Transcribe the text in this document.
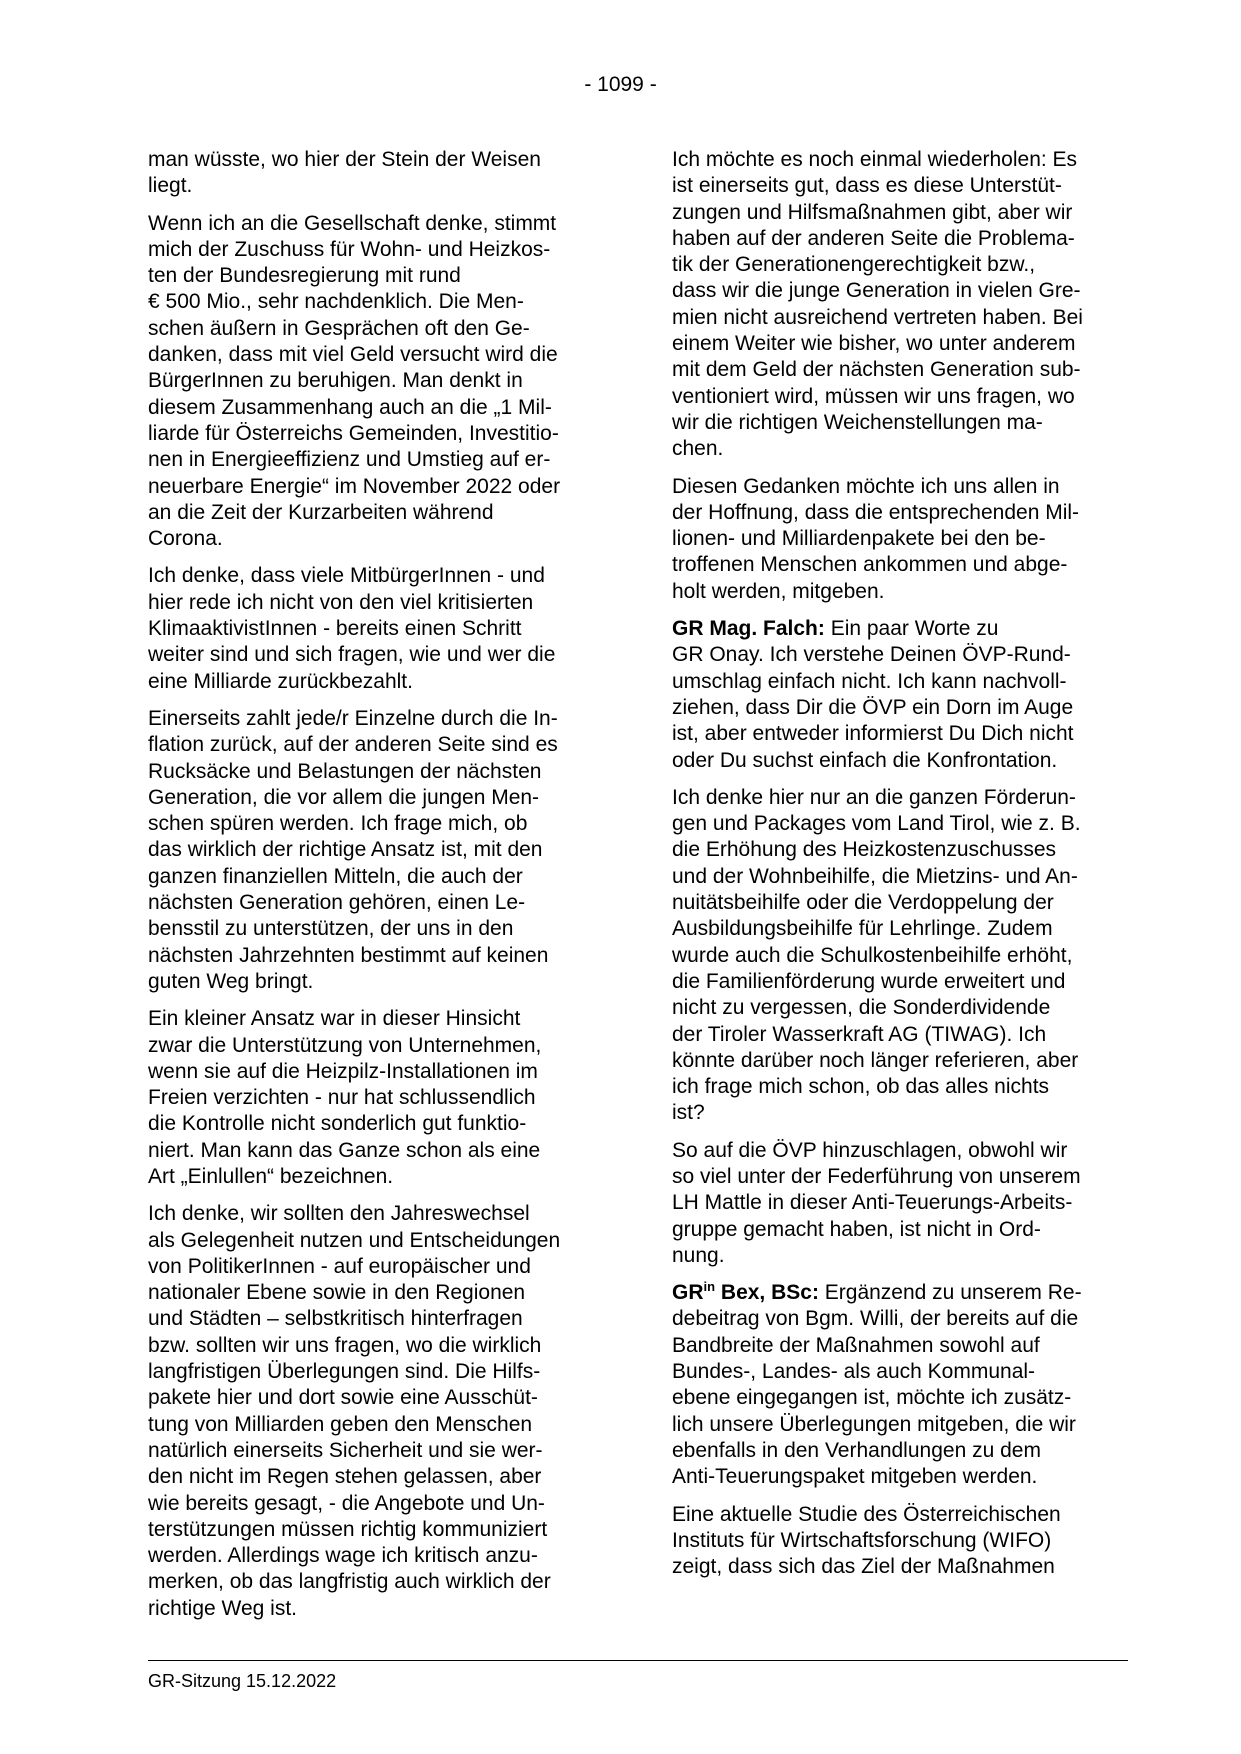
- 1099 -

man wüsste, wo hier der Stein der Weisen
liegt.

Wenn ich an die Gesellschaft denke, stimmt
mich der Zuschuss für Wohn- und Heizkos-
ten der Bundesregierung mit rund
€ 500 Mio., sehr nachdenklich. Die Men-
schen äußern in Gesprächen oft den Ge-
danken, dass mit viel Geld versucht wird die
BürgerInnen zu beruhigen. Man denkt in
diesem Zusammenhang auch an die „1 Mil-
liarde für Österreichs Gemeinden, Investitio-
nen in Energieeffizienz und Umstieg auf er-
neuerbare Energie“ im November 2022 oder
an die Zeit der Kurzarbeiten während
Corona.

Ich denke, dass viele MitbürgerInnen - und
hier rede ich nicht von den viel kritisierten
KlimaaktivistInnen - bereits einen Schritt
weiter sind und sich fragen, wie und wer die
eine Milliarde zurückbezahlt.

Einerseits zahlt jede/r Einzelne durch die In-
flation zurück, auf der anderen Seite sind es
Rucksäcke und Belastungen der nächsten
Generation, die vor allem die jungen Men-
schen spüren werden. Ich frage mich, ob
das wirklich der richtige Ansatz ist, mit den
ganzen finanziellen Mitteln, die auch der
nächsten Generation gehören, einen Le-
bensstil zu unterstützen, der uns in den
nächsten Jahrzehnten bestimmt auf keinen
guten Weg bringt.

Ein kleiner Ansatz war in dieser Hinsicht
zwar die Unterstützung von Unternehmen,
wenn sie auf die Heizpilz-Installationen im
Freien verzichten - nur hat schlussendlich
die Kontrolle nicht sonderlich gut funktio-
niert. Man kann das Ganze schon als eine
Art „Einlullen“ bezeichnen.

Ich denke, wir sollten den Jahreswechsel
als Gelegenheit nutzen und Entscheidungen
von PolitikerInnen - auf europäischer und
nationaler Ebene sowie in den Regionen
und Städten – selbstkritisch hinterfragen
bzw. sollten wir uns fragen, wo die wirklich
langfristigen Überlegungen sind. Die Hilfs-
pakete hier und dort sowie eine Ausschüt-
tung von Milliarden geben den Menschen
natürlich einerseits Sicherheit und sie wer-
den nicht im Regen stehen gelassen, aber
wie bereits gesagt, - die Angebote und Un-
terstützungen müssen richtig kommuniziert
werden. Allerdings wage ich kritisch anzu-
merken, ob das langfristig auch wirklich der
richtige Weg ist.

Ich möchte es noch einmal wiederholen: Es
ist einerseits gut, dass es diese Unterstüt-
zungen und Hilfsmaßnahmen gibt, aber wir
haben auf der anderen Seite die Problema-
tik der Generationengerechtigkeit bzw.,
dass wir die junge Generation in vielen Gre-
mien nicht ausreichend vertreten haben. Bei
einem Weiter wie bisher, wo unter anderem
mit dem Geld der nächsten Generation sub-
ventioniert wird, müssen wir uns fragen, wo
wir die richtigen Weichenstellungen ma-
chen.

Diesen Gedanken möchte ich uns allen in
der Hoffnung, dass die entsprechenden Mil-
lionen- und Milliardenpakete bei den be-
troffenen Menschen ankommen und abge-
holt werden, mitgeben.

GR Mag. Falch: Ein paar Worte zu
GR Onay. Ich verstehe Deinen ÖVP-Rund-
umschlag einfach nicht. Ich kann nachvoll-
ziehen, dass Dir die ÖVP ein Dorn im Auge
ist, aber entweder informierst Du Dich nicht
oder Du suchst einfach die Konfrontation.

Ich denke hier nur an die ganzen Förderun-
gen und Packages vom Land Tirol, wie z. B.
die Erhöhung des Heizkostenzuschusses
und der Wohnbeihilfe, die Mietzins- und An-
nuitätsbeihilfe oder die Verdoppelung der
Ausbildungsbeihilfe für Lehrlinge. Zudem
wurde auch die Schulkostenbeihilfe erhöht,
die Familienförderung wurde erweitert und
nicht zu vergessen, die Sonderdividende
der Tiroler Wasserkraft AG (TIWAG). Ich
könnte darüber noch länger referieren, aber
ich frage mich schon, ob das alles nichts
ist?

So auf die ÖVP hinzuschlagen, obwohl wir
so viel unter der Federführung von unserem
LH Mattle in dieser Anti-Teuerungs-Arbeits-
gruppe gemacht haben, ist nicht in Ord-
nung.

$GR^{in}$ Bex, BSc: Ergänzend zu unserem Re-
debeitrag von Bgm. Willi, der bereits auf die
Bandbreite der Maßnahmen sowohl auf
Bundes-, Landes- als auch Kommunal-
ebene eingegangen ist, möchte ich zusätz-
lich unsere Überlegungen mitgeben, die wir
ebenfalls in den Verhandlungen zu dem
Anti-Teuerungspaket mitgeben werden.

Eine aktuelle Studie des Österreichischen
Instituts für Wirtschaftsforschung (WIFO)
zeigt, dass sich das Ziel der Maßnahmen

GR-Sitzung 15.12.2022
